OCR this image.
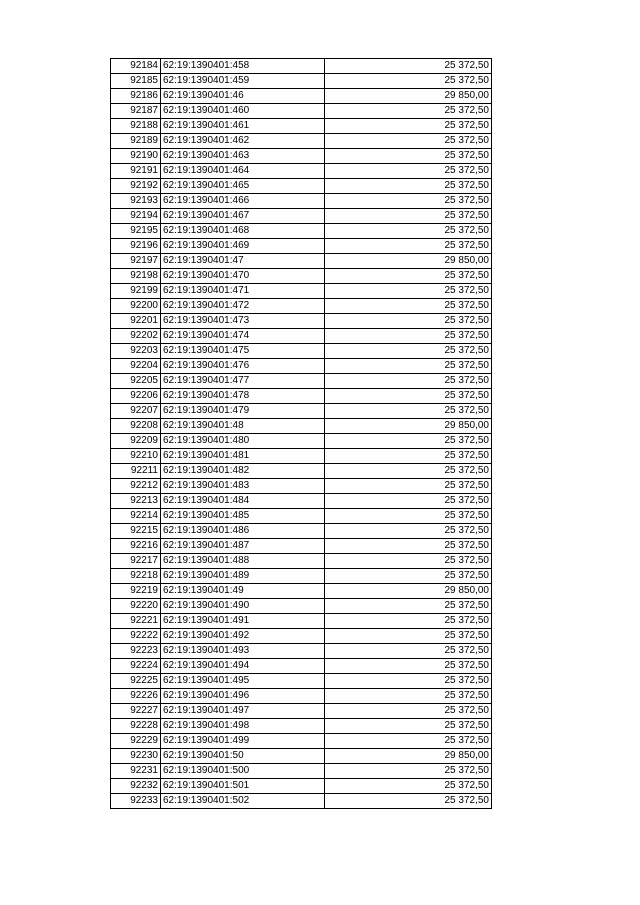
92184	62:19:1390401:458	25 372,50
92185	62:19:1390401:459	25 372,50
92186	62:19:1390401:46	29 850,00
92187	62:19:1390401:460	25 372,50
92188	62:19:1390401:461	25 372,50
92189	62:19:1390401:462	25 372,50
92190	62:19:1390401:463	25 372,50
92191	62:19:1390401:464	25 372,50
92192	62:19:1390401:465	25 372,50
92193	62:19:1390401:466	25 372,50
92194	62:19:1390401:467	25 372,50
92195	62:19:1390401:468	25 372,50
92196	62:19:1390401:469	25 372,50
92197	62:19:1390401:47	29 850,00
92198	62:19:1390401:470	25 372,50
92199	62:19:1390401:471	25 372,50
92200	62:19:1390401:472	25 372,50
92201	62:19:1390401:473	25 372,50
92202	62:19:1390401:474	25 372,50
92203	62:19:1390401:475	25 372,50
92204	62:19:1390401:476	25 372,50
92205	62:19:1390401:477	25 372,50
92206	62:19:1390401:478	25 372,50
92207	62:19:1390401:479	25 372,50
92208	62:19:1390401:48	29 850,00
92209	62:19:1390401:480	25 372,50
92210	62:19:1390401:481	25 372,50
92211	62:19:1390401:482	25 372,50
92212	62:19:1390401:483	25 372,50
92213	62:19:1390401:484	25 372,50
92214	62:19:1390401:485	25 372,50
92215	62:19:1390401:486	25 372,50
92216	62:19:1390401:487	25 372,50
92217	62:19:1390401:488	25 372,50
92218	62:19:1390401:489	25 372,50
92219	62:19:1390401:49	29 850,00
92220	62:19:1390401:490	25 372,50
92221	62:19:1390401:491	25 372,50
92222	62:19:1390401:492	25 372,50
92223	62:19:1390401:493	25 372,50
92224	62:19:1390401:494	25 372,50
92225	62:19:1390401:495	25 372,50
92226	62:19:1390401:496	25 372,50
92227	62:19:1390401:497	25 372,50
92228	62:19:1390401:498	25 372,50
92229	62:19:1390401:499	25 372,50
92230	62:19:1390401:50	29 850,00
92231	62:19:1390401:500	25 372,50
92232	62:19:1390401:501	25 372,50
92233	62:19:1390401:502	25 372,50
